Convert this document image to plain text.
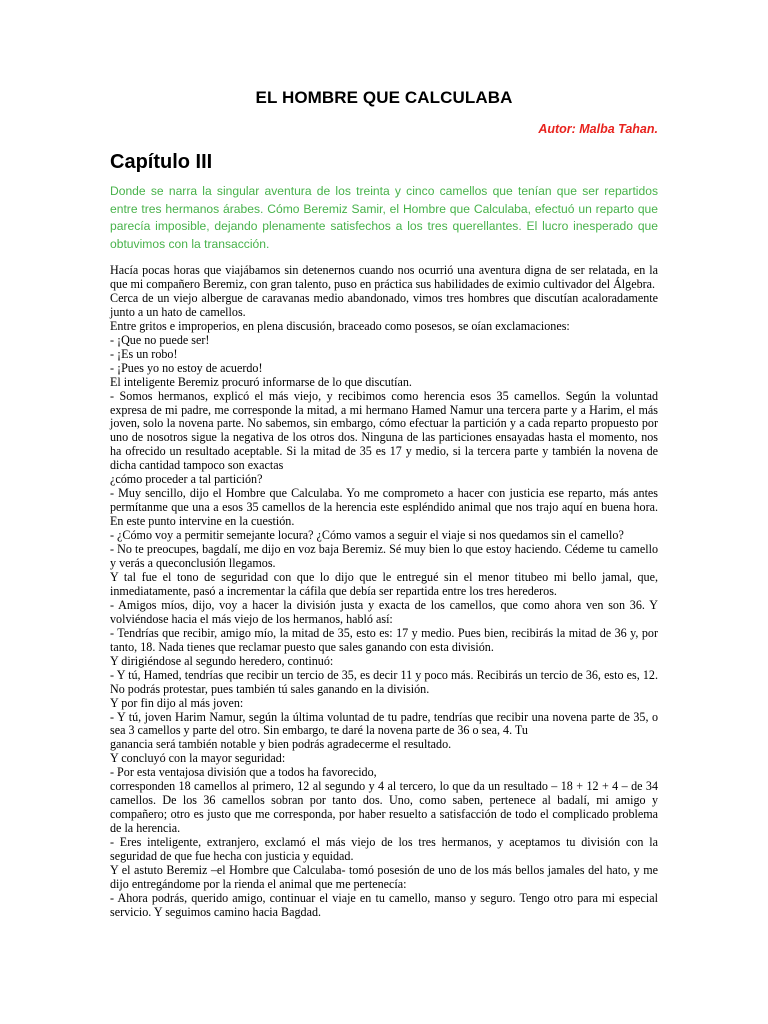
EL HOMBRE QUE CALCULABA
Autor: Malba Tahan.
Capítulo III
Donde se narra la singular aventura de los treinta y cinco camellos que tenían que ser repartidos entre tres hermanos árabes. Cómo Beremiz Samir, el Hombre que Calculaba, efectuó un reparto que parecía imposible, dejando plenamente satisfechos a los tres querellantes. El lucro inesperado que obtuvimos con la transacción.

Hacía pocas horas que viajábamos sin detenernos cuando nos ocurrió una aventura digna de ser relatada, en la que mi compañero Beremiz, con gran talento, puso en práctica sus habilidades de eximio cultivador del Álgebra.

Cerca de un viejo albergue de caravanas medio abandonado, vimos tres hombres que discutían acaloradamente junto a un hato de camellos.

Entre gritos e improperios, en plena discusión, braceado como posesos, se oían exclamaciones:

- ¡Que no puede ser!

- ¡Es un robo!

- ¡Pues yo no estoy de acuerdo!

El inteligente Beremiz procuró informarse de lo que discutían.

- Somos hermanos, explicó el más viejo, y recibimos como herencia esos 35 camellos. Según la voluntad expresa de mi padre, me corresponde la mitad, a mi hermano Hamed Namur una tercera parte y a Harim, el más joven, solo la novena parte. No sabemos, sin embargo, cómo efectuar la partición y a cada reparto propuesto por uno de nosotros sigue la negativa de los otros dos. Ninguna de las particiones ensayadas hasta el momento, nos ha ofrecido un resultado aceptable. Si la mitad de 35 es 17 y medio, si la tercera parte y también la novena de dicha cantidad tampoco son exactas

¿cómo proceder a tal partición?

- Muy sencillo, dijo el Hombre que Calculaba. Yo me comprometo a hacer con justicia ese reparto, más antes permítanme que una a esos 35 camellos de la herencia este espléndido animal que nos trajo aquí en buena hora. En este punto intervine en la cuestión.

- ¿Cómo voy a permitir semejante locura? ¿Cómo vamos a seguir el viaje si nos quedamos sin el camello?

- No te preocupes, bagdalí, me dijo en voz baja Beremiz. Sé muy bien lo que estoy haciendo. Cédeme tu camello y verás a queconclusión llegamos.

Y tal fue el tono de seguridad con que lo dijo que le entregué sin el menor titubeo mi bello jamal, que, inmediatamente, pasó a incrementar la cáfila que debía ser repartida entre los tres herederos.

- Amigos míos, dijo, voy a hacer la división justa y exacta de los camellos, que como ahora ven son 36. Y volviéndose hacia el más viejo de los hermanos, habló así:

- Tendrías que recibir, amigo mío, la mitad de 35, esto es: 17 y medio. Pues bien, recibirás la mitad de 36 y, por tanto, 18. Nada tienes que reclamar puesto que sales ganando con esta división.

Y dirigiéndose al segundo heredero, continuó:

- Y tú, Hamed, tendrías que recibir un tercio de 35, es decir 11 y poco más. Recibirás un tercio de 36, esto es, 12. No podrás protestar, pues también tú sales ganando en la división.

Y por fin dijo al más joven:

- Y tú, joven Harim Namur, según la última voluntad de tu padre, tendrías que recibir una novena parte de 35, o sea 3 camellos y parte del otro. Sin embargo, te daré la novena parte de 36 o sea, 4. Tu

ganancia será también notable y bien podrás agradecerme el resultado.

Y concluyó con la mayor seguridad:

- Por esta ventajosa división que a todos ha favorecido,

corresponden 18 camellos al primero, 12 al segundo y 4 al tercero, lo que da un resultado – 18 + 12 + 4 – de 34 camellos. De los 36 camellos sobran por tanto dos. Uno, como saben, pertenece al badalí, mi amigo y compañero; otro es justo que me corresponda, por haber resuelto a satisfacción de todo el complicado problema de la herencia.

- Eres inteligente, extranjero, exclamó el más viejo de los tres hermanos, y aceptamos tu división con la seguridad de que fue hecha con justicia y equidad.

Y el astuto Beremiz –el Hombre que Calculaba- tomó posesión de uno de los más bellos jamales del hato, y me dijo entregándome por la rienda el animal que me pertenecía:

- Ahora podrás, querido amigo, continuar el viaje en tu camello, manso y seguro. Tengo otro para mi especial servicio. Y seguimos camino hacia Bagdad.
